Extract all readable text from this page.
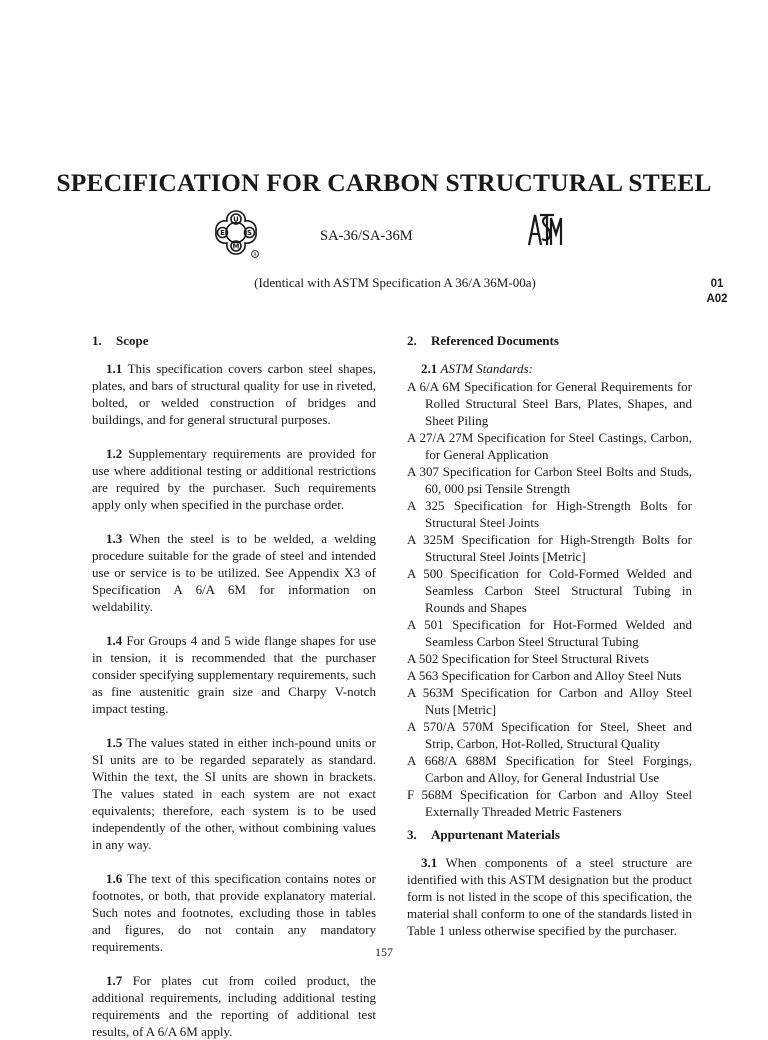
SPECIFICATION FOR CARBON STRUCTURAL STEEL
U
E	S
M
R
SA-36/SA-36M
(Identical with ASTM Specification A 36/A 36M-00a)	01
A02
1. Scope

1.1 This specification covers carbon steel shapes, plates, and bars of structural quality for use in riveted, bolted, or welded construction of bridges and buildings, and for general structural purposes.

1.2 Supplementary requirements are provided for use where additional testing or additional restrictions are required by the purchaser. Such requirements apply only when specified in the purchase order.

1.3 When the steel is to be welded, a welding procedure suitable for the grade of steel and intended use or service is to be utilized. See Appendix X3 of Specification A 6/A 6M for information on weldability.

1.4 For Groups 4 and 5 wide flange shapes for use in tension, it is recommended that the purchaser consider specifying supplementary requirements, such as fine austenitic grain size and Charpy V-notch impact testing.

1.5 The values stated in either inch-pound units or SI units are to be regarded separately as standard. Within the text, the SI units are shown in brackets. The values stated in each system are not exact equivalents; therefore, each system is to be used independently of the other, without combining values in any way.

1.6 The text of this specification contains notes or footnotes, or both, that provide explanatory material. Such notes and footnotes, excluding those in tables and figures, do not contain any mandatory requirements.

1.7 For plates cut from coiled product, the additional requirements, including additional testing requirements and the reporting of additional test results, of A 6/A 6M apply.

2. Referenced Documents

2.1 ASTM Standards:

A 6/A 6M Specification for General Requirements for Rolled Structural Steel Bars, Plates, Shapes, and Sheet Piling

A 27/A 27M Specification for Steel Castings, Carbon, for General Application

A 307 Specification for Carbon Steel Bolts and Studs, 60, 000 psi Tensile Strength

A 325 Specification for High-Strength Bolts for Structural Steel Joints

A 325M Specification for High-Strength Bolts for Structural Steel Joints [Metric]

A 500 Specification for Cold-Formed Welded and Seamless Carbon Steel Structural Tubing in Rounds and Shapes

A 501 Specification for Hot-Formed Welded and Seamless Carbon Steel Structural Tubing

A 502 Specification for Steel Structural Rivets

A 563 Specification for Carbon and Alloy Steel Nuts

A 563M Specification for Carbon and Alloy Steel Nuts [Metric]

A 570/A 570M Specification for Steel, Sheet and Strip, Carbon, Hot-Rolled, Structural Quality

A 668/A 688M Specification for Steel Forgings, Carbon and Alloy, for General Industrial Use

F 568M Specification for Carbon and Alloy Steel Externally Threaded Metric Fasteners

3. Appurtenant Materials

3.1 When components of a steel structure are identified with this ASTM designation but the product form is not listed in the scope of this specification, the material shall conform to one of the standards listed in Table 1 unless otherwise specified by the purchaser.

157
